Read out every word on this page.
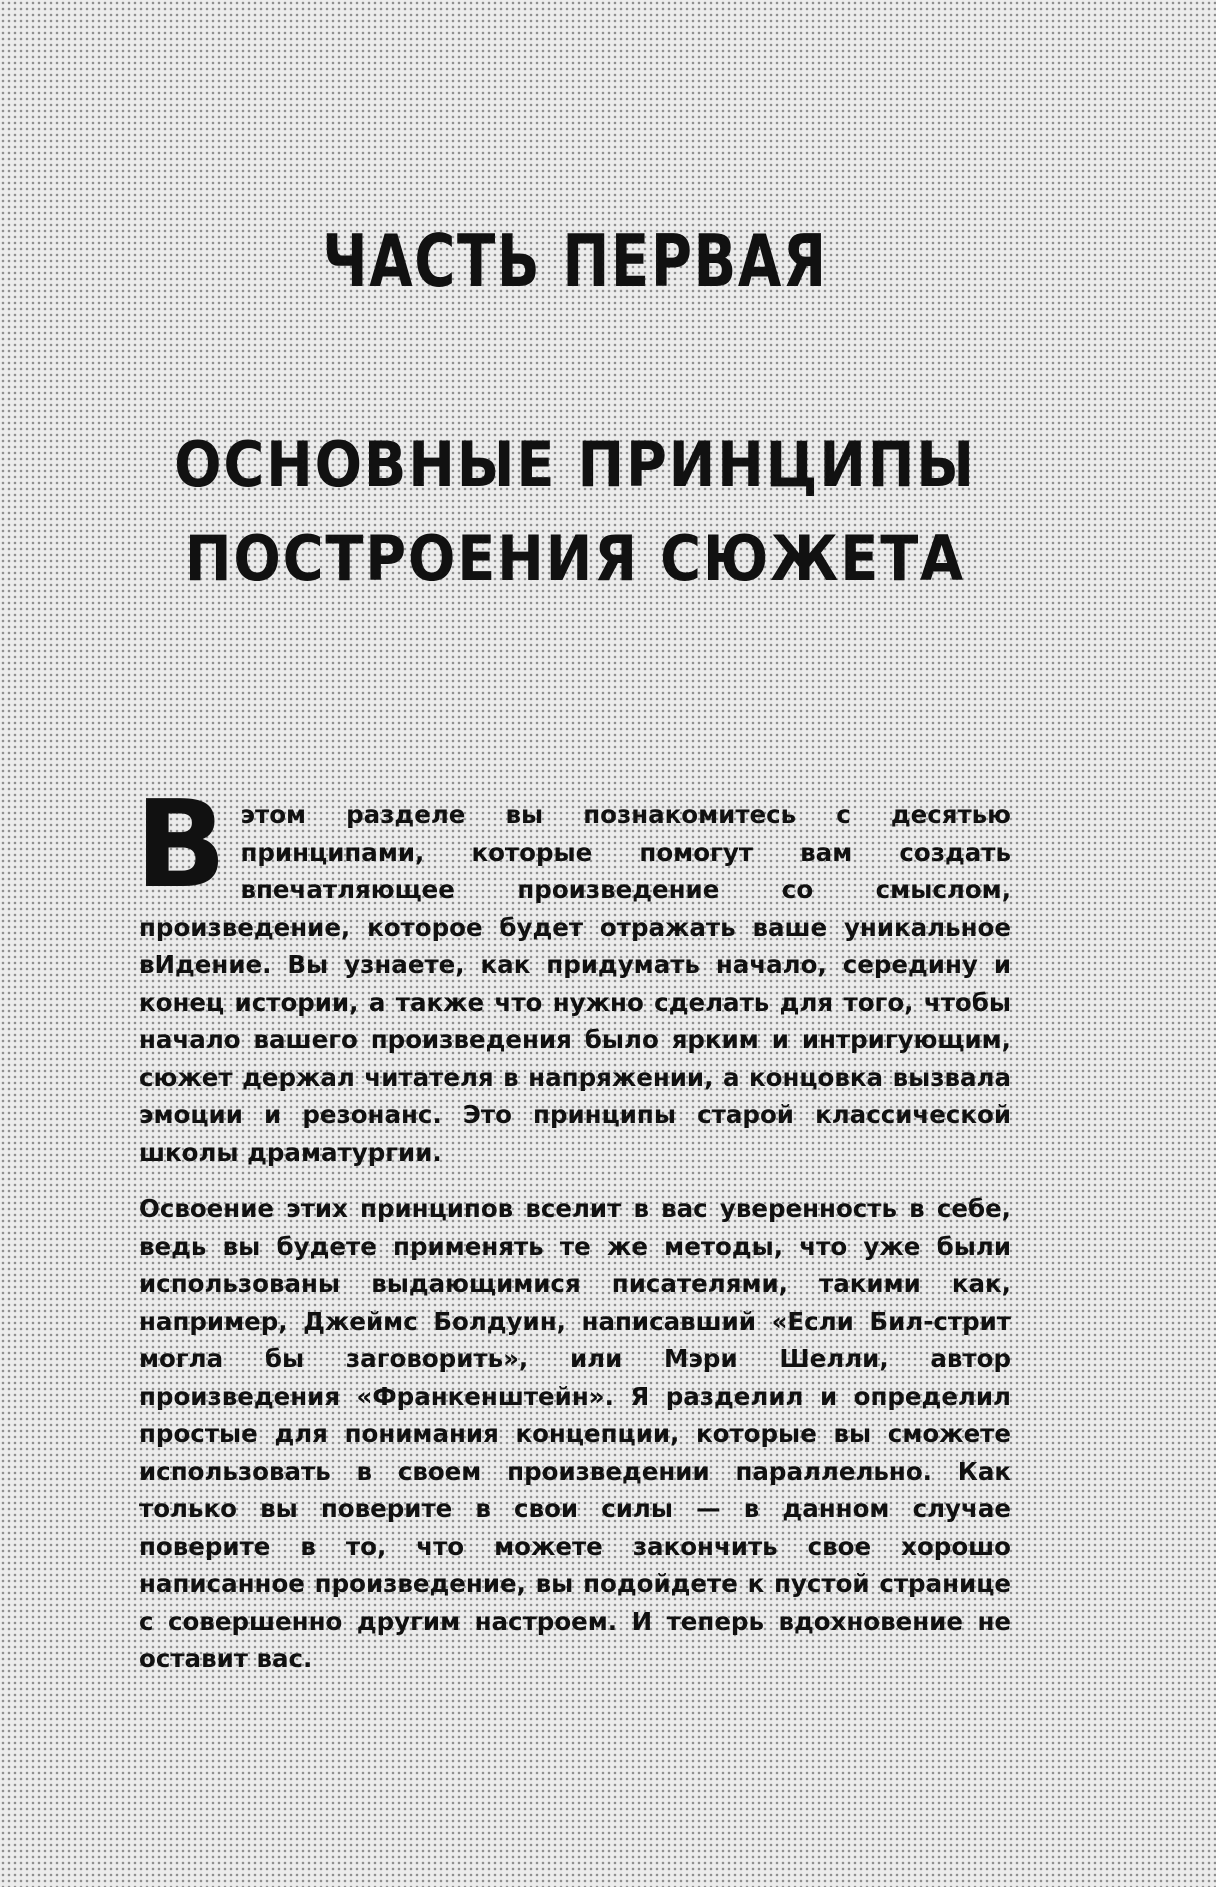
ЧАСТЬ ПЕРВАЯ
ОСНОВНЫЕ ПРИНЦИПЫ
ПОСТРОЕНИЯ СЮЖЕТА

Вэтом разделе вы познакомитесь с десятью принципами, которые помогут вам создать впечатляющее произведение со смыслом, произведение, которое будет отражать ваше уникальное вИдение. Вы узнаете, как придумать начало, середину и конец истории, а также что нужно сделать для того, чтобы начало вашего произведения было ярким и интригующим, сюжет держал читателя в напряжении, а концовка вызвала эмоции и резонанс. Это принципы старой классической школы драматургии.

Освоение этих принципов вселит в вас уверенность в себе, ведь вы будете применять те же методы, что уже были использованы выдающимися писателями, такими как, например, Джеймс Болдуин, написавший «Если Бил-стрит могла бы заговорить», или Мэри Шелли, автор произведения «Франкенштейн». Я разделил и определил простые для понимания концепции, которые вы сможете использовать в своем произведении параллельно. Как только вы поверите в свои силы — в данном случае поверите в то, что можете закончить свое хорошо написанное произведение, вы подойдете к пустой странице с совершенно другим настроем. И теперь вдохновение не оставит вас.
